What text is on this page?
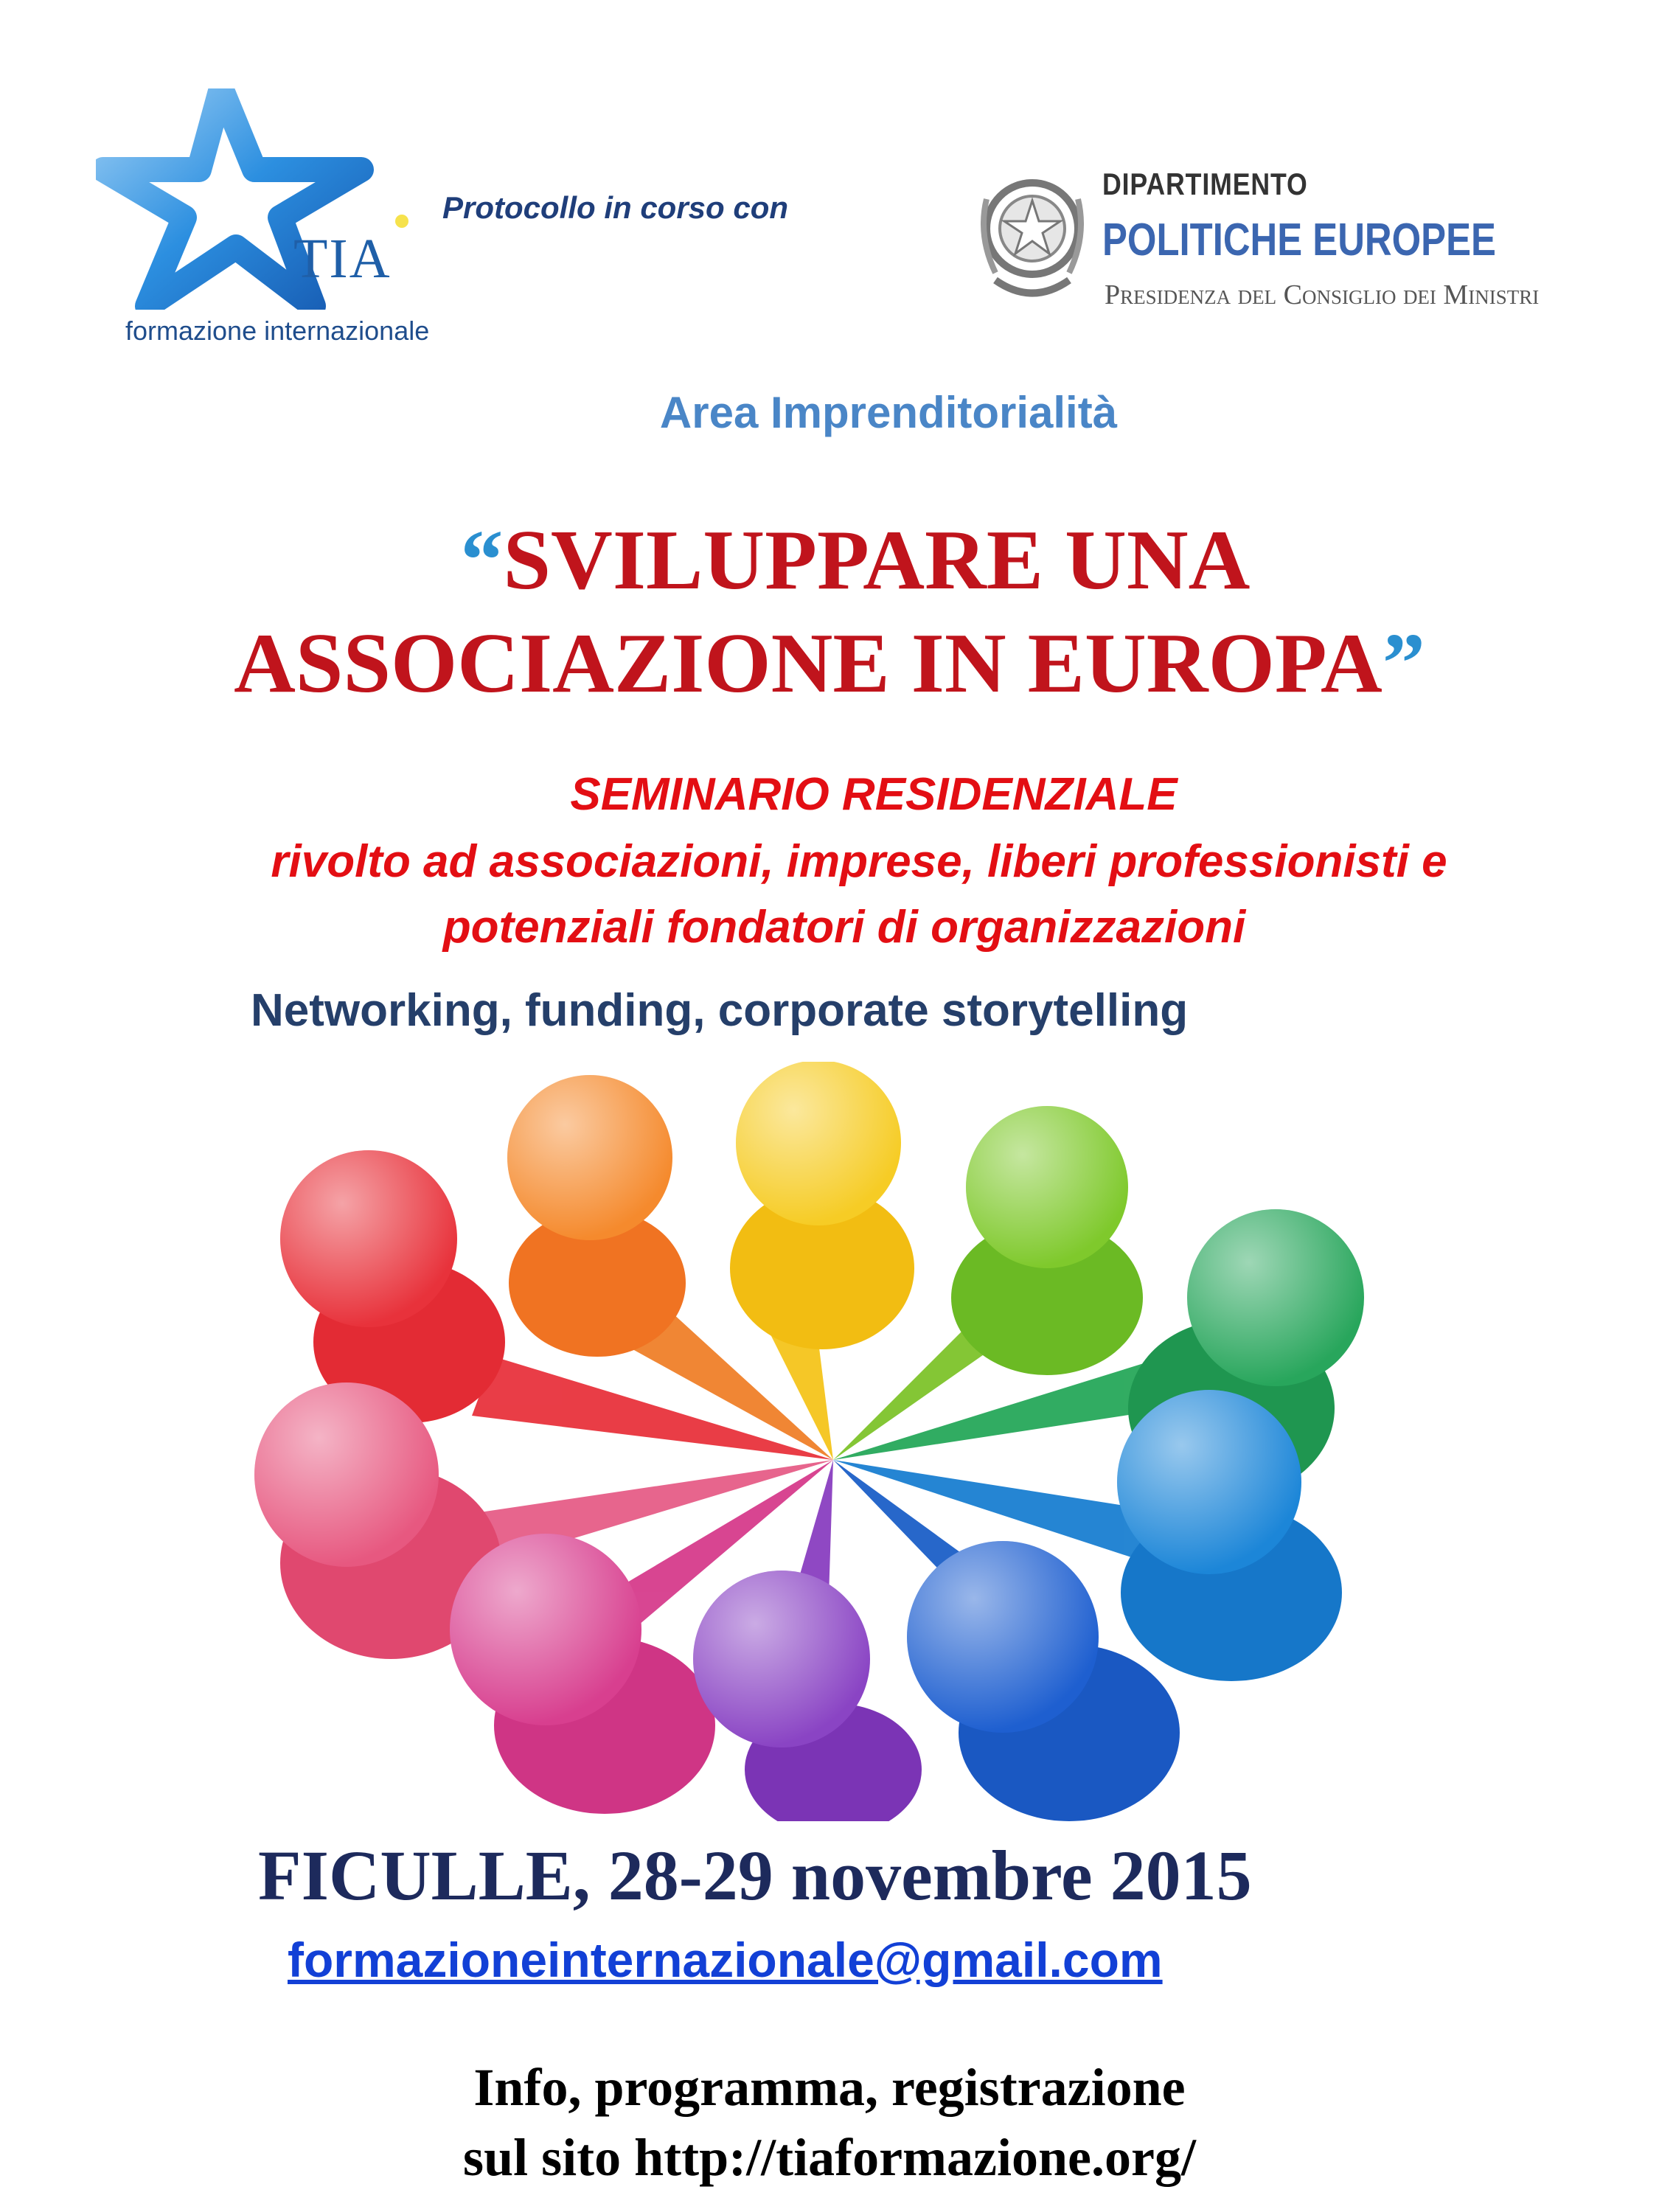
TIA
formazione internazionale
Protocollo in corso con
DIPARTIMENTO
POLITICHE EUROPEE
Presidenza del Consiglio dei Ministri
Area Imprenditorialità
“SVILUPPARE UNA
ASSOCIAZIONE IN EUROPA”
SEMINARIO RESIDENZIALE
rivolto ad associazioni, imprese, liberi professionisti e
potenziali fondatori di organizzazioni
Networking, funding, corporate storytelling
FICULLE, 28-29 novembre 2015
formazioneinternazionale@gmail.com
Info, programma, registrazione
sul sito http://tiaformazione.org/
